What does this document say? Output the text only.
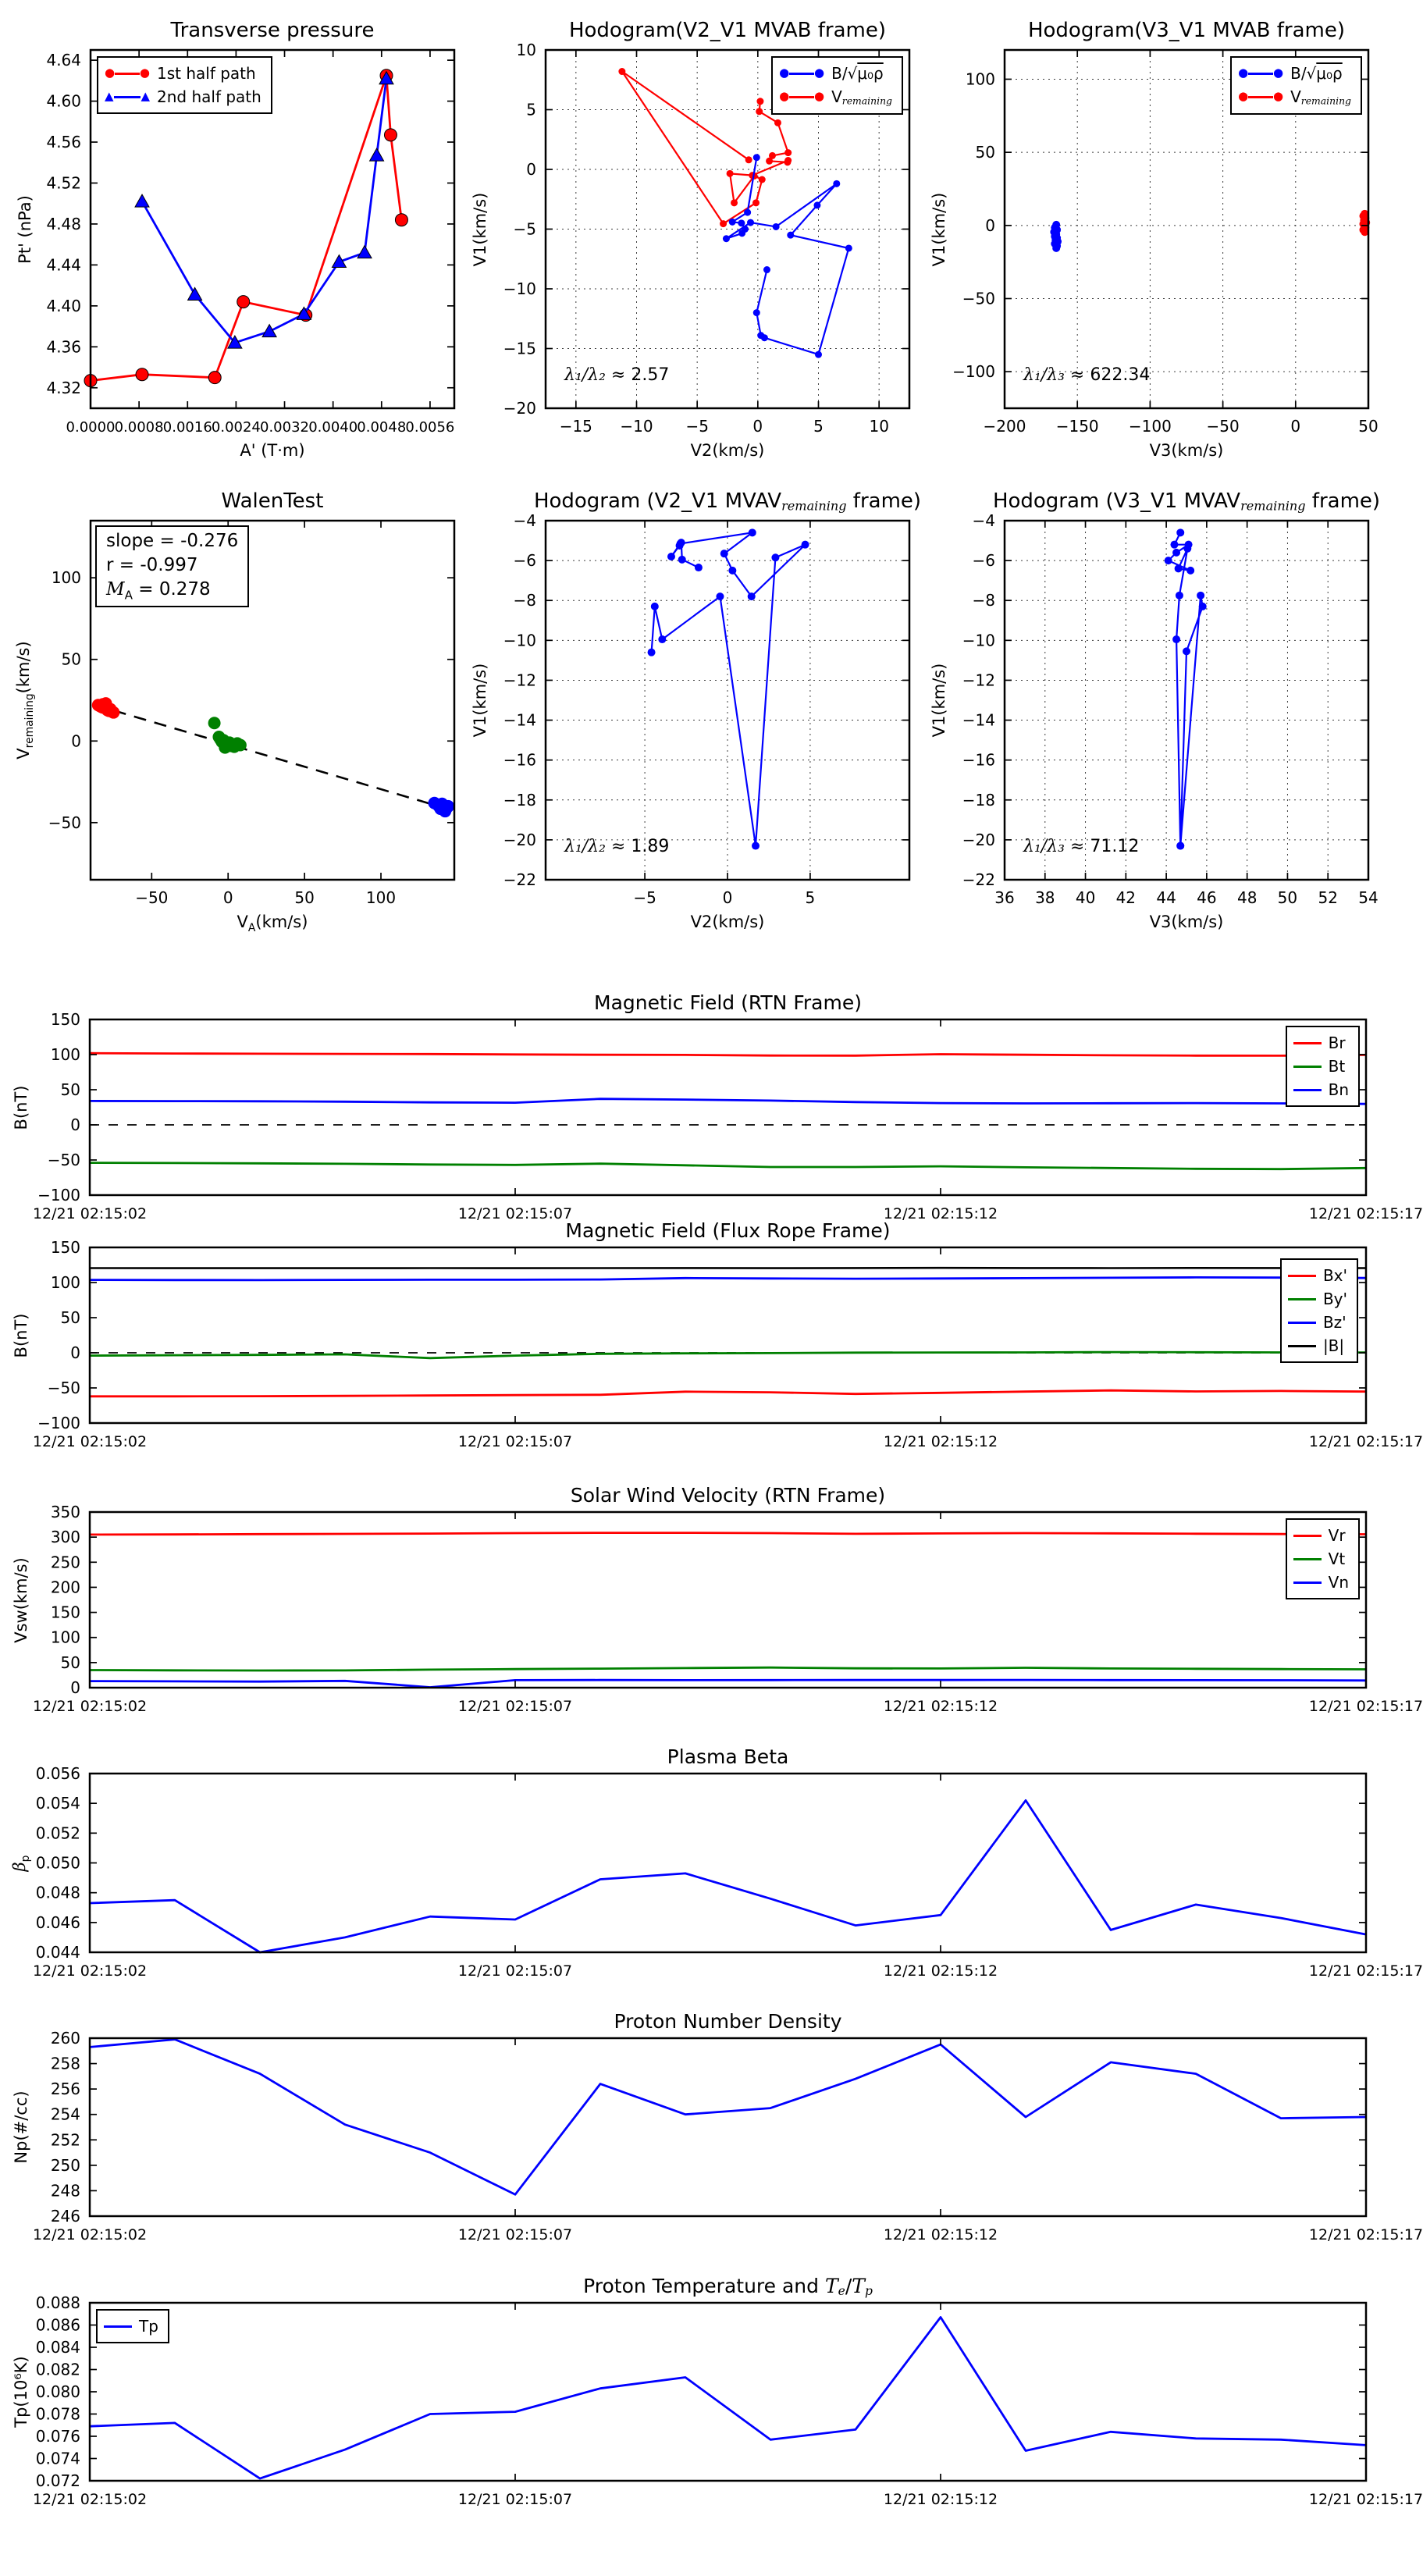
Transverse pressure
0.0000 0.0008 0.0016 0.0024 0.0032 0.0040 0.0048 0.0056
4.32
4.36
4.40
4.44
4.48
4.52
4.56
4.60
4.64
● ● 1st half path
▲ ▲ 2nd half path
A' (T·m)
Pt' (nPa)
Hodogram(V2_V1 MVAB frame)
−15 −10 −5	0	5	10
−20
−15
−10
−5
0
5
10
● ● B/√μ₀ρ
● ● $V_{remaining}$
λ₁/λ₂ ≈ 2.57
V2(km/s)
V1(km/s)
Hodogram(V3_V1 MVAB frame)
−200 −150 −100 −50	0	50
−100
−50
0
50
100	● ● B/√μ₀ρ
● ● $V_{remaining}$
λ₁/λ₃ ≈ 622.34
V3(km/s)
V1(km/s)
WalenTest
−50	0	50	100
−50
0
50
100
slope = -0.276
r = -0.997
$M_A = 0.278$
$V_A(km/s)$
$V_{remaining}(km/s)$
Hodogram (V2_V1 $MVAV_{remaining}$ frame)
−5	0	5
−22
−20
−18
−16
−14
−12
−10
−8
−6
−4
λ₁/λ₂ ≈ 1.89
V2(km/s)
V1(km/s)
Hodogram (V3_V1 $MVAV_{remaining}$ frame)
36 38 40 42 44 46 48 50 52 54
−22
−20
−18
−16
−14
−12
−10
−8
−6
−4
λ₁/λ₃ ≈ 71.12
V3(km/s)
V1(km/s)
Magnetic Field (RTN Frame)
12/21 02:15:02	12/21 02:15:07	12/21 02:15:12	12/21 02:15:17
−100
−50
0
50
100
150
Br
Bt
Bn
B(nT)
Magnetic Field (Flux Rope Frame)
12/21 02:15:02	12/21 02:15:07	12/21 02:15:12	12/21 02:15:17
−100
−50
0
50
100
150
Bx'
By'
Bz'
|B|
B(nT)
Solar Wind Velocity (RTN Frame)
12/21 02:15:02	12/21 02:15:07	12/21 02:15:12	12/21 02:15:17
0
50
100
150
200
250
300
350
Vr
Vt
Vn
Vsw(km/s)
Plasma Beta
12/21 02:15:02	12/21 02:15:07	12/21 02:15:12	12/21 02:15:17
0.044
0.046
0.048
0.050
0.052
0.054
0.056
$\beta_p$
Proton Number Density
12/21 02:15:02	12/21 02:15:07	12/21 02:15:12	12/21 02:15:17
246
248
250
252
254
256
258
260
Np(#/cc)
Proton Temperature and $T_e/T_p$
12/21 02:15:02	12/21 02:15:07	12/21 02:15:12	12/21 02:15:17
0.072
0.074
0.076
0.078
0.080
0.082
0.084
0.086
0.088
Tp
Tp(10⁶K)
